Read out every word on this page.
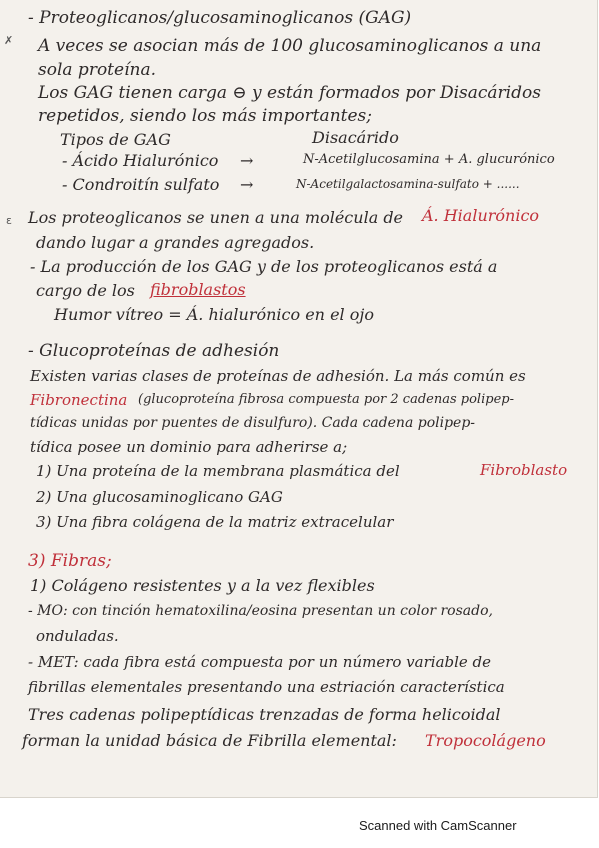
✗
- Proteoglicanos/glucosaminoglicanos (GAG)
A veces se asocian más de 100 glucosaminoglicanos a una
sola proteína.
Los GAG tienen carga ⊖ y están formados por Disacáridos
repetidos, siendo los más importantes;
Tipos de GAG	Disacárido
- Ácido Hialurónico →	N-Acetilglucosamina + A. glucurónico
- Condroitín sulfato →	N-Acetilgalactosamina-sulfato + ......
ɛ Los proteoglicanos se unen a una molécula de Á. Hialurónico
dando lugar a grandes agregados.
- La producción de los GAG y de los proteoglicanos está a
cargo de los fibroblastos
Humor vítreo = Á. hialurónico en el ojo
- Glucoproteínas de adhesión
Existen varias clases de proteínas de adhesión. La más común es
Fibronectina (glucoproteína fibrosa compuesta por 2 cadenas polipep-
tídicas unidas por puentes de disulfuro). Cada cadena polipep-
tídica posee un dominio para adherirse a;
1) Una proteína de la membrana plasmática del	Fibroblasto
2) Una glucosaminoglicano GAG
3) Una fibra colágena de la matriz extracelular
3) Fibras;
1) Colágeno resistentes y a la vez flexibles
- MO: con tinción hematoxilina/eosina presentan un color rosado,
onduladas.
- MET: cada fibra está compuesta por un número variable de
fibrillas elementales presentando una estriación característica
Tres cadenas polipeptídicas trenzadas de forma helicoidal
forman la unidad básica de Fibrilla elemental: Tropocolágeno
Scanned with CamScanner
